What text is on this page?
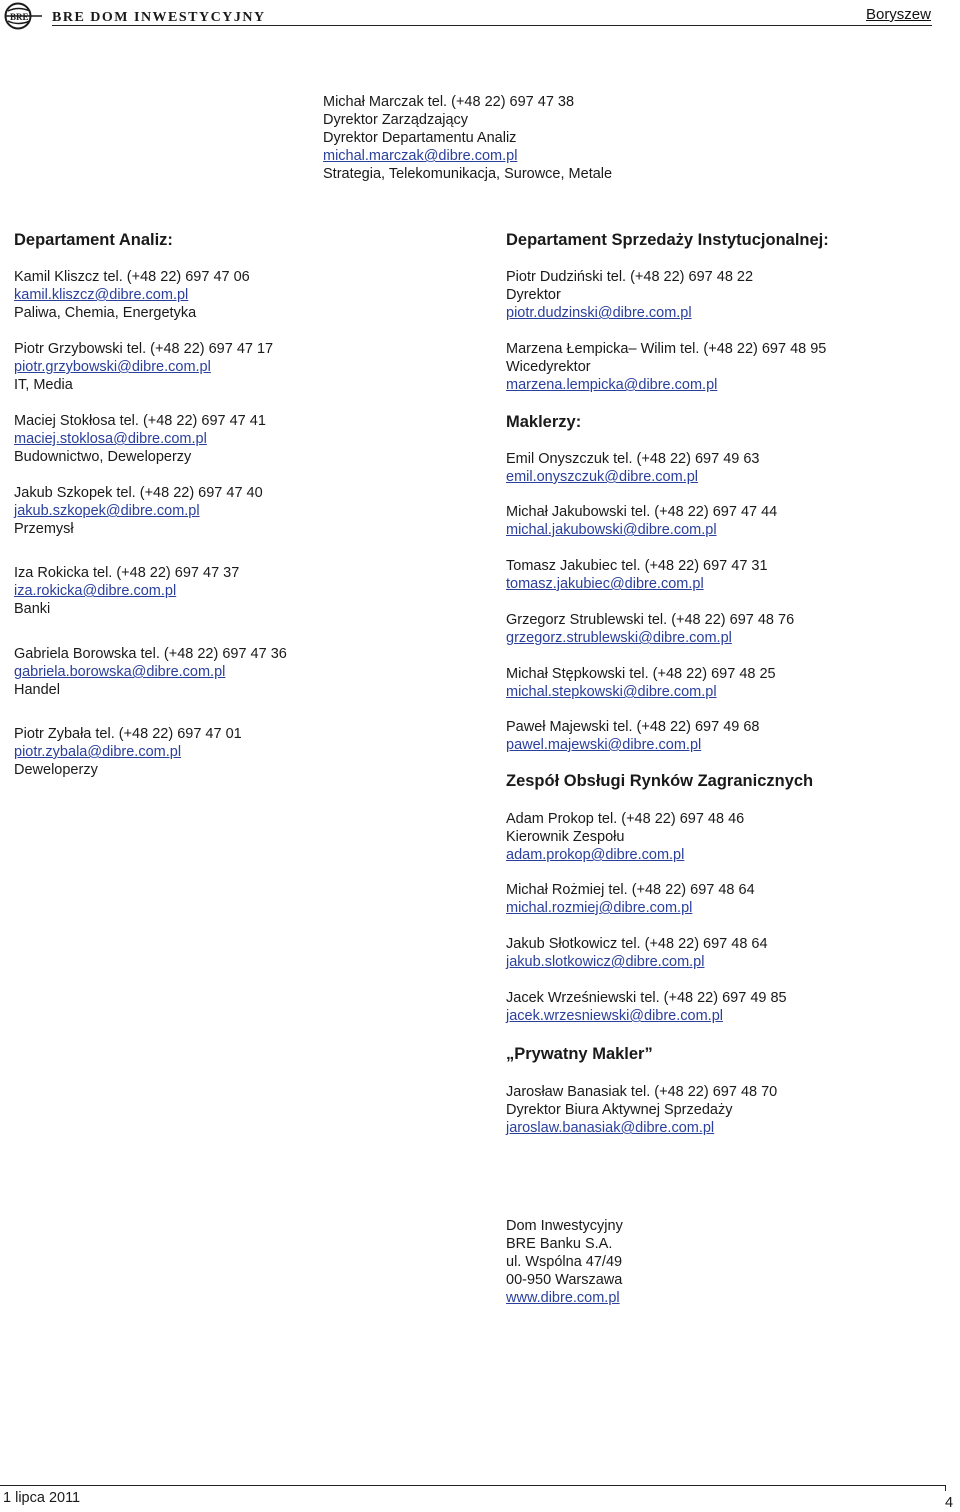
BRE BRE DOM INWESTYCYJNY	Boryszew
Michał Marczak tel. (+48 22) 697 47 38
Dyrektor Zarządzający
Dyrektor Departamentu Analiz
michal.marczak@dibre.com.pl
Strategia, Telekomunikacja, Surowce, Metale
Departament Analiz:
Kamil Kliszcz tel. (+48 22) 697 47 06
kamil.kliszcz@dibre.com.pl
Paliwa, Chemia, Energetyka
Piotr Grzybowski tel. (+48 22) 697 47 17
piotr.grzybowski@dibre.com.pl
IT, Media
Maciej Stokłosa tel. (+48 22) 697 47 41
maciej.stoklosa@dibre.com.pl
Budownictwo, Deweloperzy
Jakub Szkopek tel. (+48 22) 697 47 40
jakub.szkopek@dibre.com.pl
Przemysł
Iza Rokicka tel. (+48 22) 697 47 37
iza.rokicka@dibre.com.pl
Banki
Gabriela Borowska tel. (+48 22) 697 47 36
gabriela.borowska@dibre.com.pl
Handel
Piotr Zybała tel. (+48 22) 697 47 01
piotr.zybala@dibre.com.pl
Deweloperzy
Departament Sprzedaży Instytucjonalnej:
Piotr Dudziński tel. (+48 22) 697 48 22
Dyrektor
piotr.dudzinski@dibre.com.pl
Marzena Łempicka– Wilim tel. (+48 22) 697 48 95
Wicedyrektor
marzena.lempicka@dibre.com.pl
Maklerzy:
Emil Onyszczuk tel. (+48 22) 697 49 63
emil.onyszczuk@dibre.com.pl
Michał Jakubowski tel. (+48 22) 697 47 44
michal.jakubowski@dibre.com.pl
Tomasz Jakubiec tel. (+48 22) 697 47 31
tomasz.jakubiec@dibre.com.pl
Grzegorz Strublewski tel. (+48 22) 697 48 76
grzegorz.strublewski@dibre.com.pl
Michał Stępkowski tel. (+48 22) 697 48 25
michal.stepkowski@dibre.com.pl
Paweł Majewski tel. (+48 22) 697 49 68
pawel.majewski@dibre.com.pl
Zespół Obsługi Rynków Zagranicznych
Adam Prokop tel. (+48 22) 697 48 46
Kierownik Zespołu
adam.prokop@dibre.com.pl
Michał Rożmiej tel. (+48 22) 697 48 64
michal.rozmiej@dibre.com.pl
Jakub Słotkowicz tel. (+48 22) 697 48 64
jakub.slotkowicz@dibre.com.pl
Jacek Wrześniewski tel. (+48 22) 697 49 85
jacek.wrzesniewski@dibre.com.pl
„Prywatny Makler”
Jarosław Banasiak tel. (+48 22) 697 48 70
Dyrektor Biura Aktywnej Sprzedaży
jaroslaw.banasiak@dibre.com.pl
Dom Inwestycyjny
BRE Banku S.A.
ul. Wspólna 47/49
00-950 Warszawa
www.dibre.com.pl
1 lipca 2011	4
